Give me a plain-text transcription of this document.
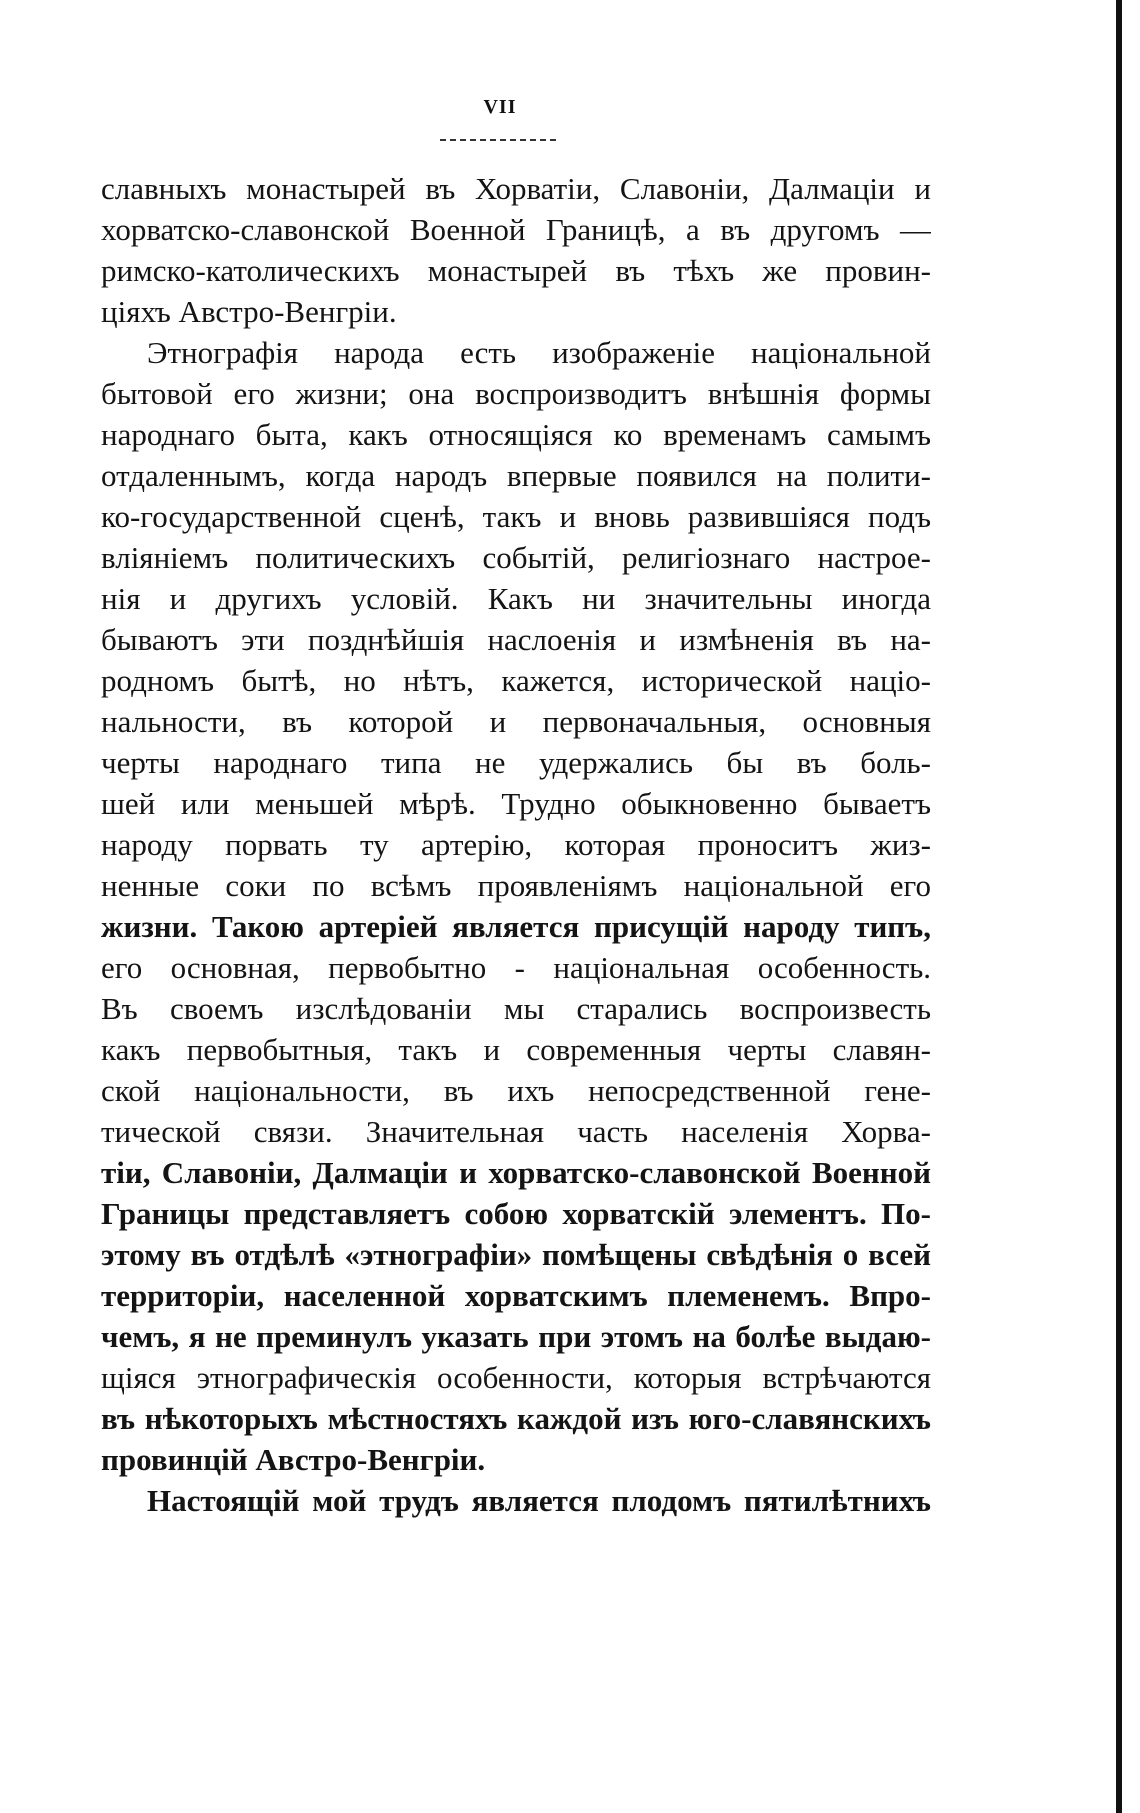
VII
славныхъ монастырей въ Хорватiи, Славонiи, Далмацiи и
хорватско-славонской Военной Границѣ, а въ другомъ —
римско-католическихъ монастырей въ тѣхъ же провин-
цiяхъ Австро-Венгрiи.
Этнографiя народа есть изображенiе нацiональной
бытовой его жизни; она воспроизводитъ внѣшнiя формы
народнаго быта, какъ относящiяся ко временамъ самымъ
отдаленнымъ, когда народъ впервые появился на полити-
ко-государственной сценѣ, такъ и вновь развившiяся подъ
влiянiемъ политическихъ событiй, религiознаго настрое-
нiя и другихъ условiй. Какъ ни значительны иногда
бываютъ эти позднѣйшiя наслоенiя и измѣненiя въ на-
родномъ бытѣ, но нѣтъ, кажется, исторической нацiо-
нальности, въ которой и первоначальныя, основныя
черты народнаго типа не удержались бы въ боль-
шей или меньшей мѣрѣ. Трудно обыкновенно бываетъ
народу порвать ту артерiю, которая проноситъ жиз-
ненные соки по всѣмъ проявленiямъ нацiональной его
жизни. Такою артерiей является присущiй народу типъ,
его основная, первобытно - нацiональная особенность.
Въ своемъ изслѣдованiи мы старались воспроизвесть
какъ первобытныя, такъ и современныя черты славян-
ской нацiональности, въ ихъ непосредственной гене-
тической связи. Значительная часть населенiя Хорва-
тiи, Славонiи, Далмацiи и хорватско-славонской Военной
Границы представляетъ собою хорватскiй элементъ. По-
этому въ отдѣлѣ «этнографiи» помѣщены свѣдѣнiя о всей
территорiи, населенной хорватскимъ племенемъ. Впро-
чемъ, я не преминулъ указать при этомъ на болѣе выдаю-
щiяся этнографическiя особенности, которыя встрѣчаются
въ нѣкоторыхъ мѣстностяхъ каждой изъ юго-славянскихъ
провинцiй Австро-Венгрiи.
Настоящiй мой трудъ является плодомъ пятилѣтнихъ
